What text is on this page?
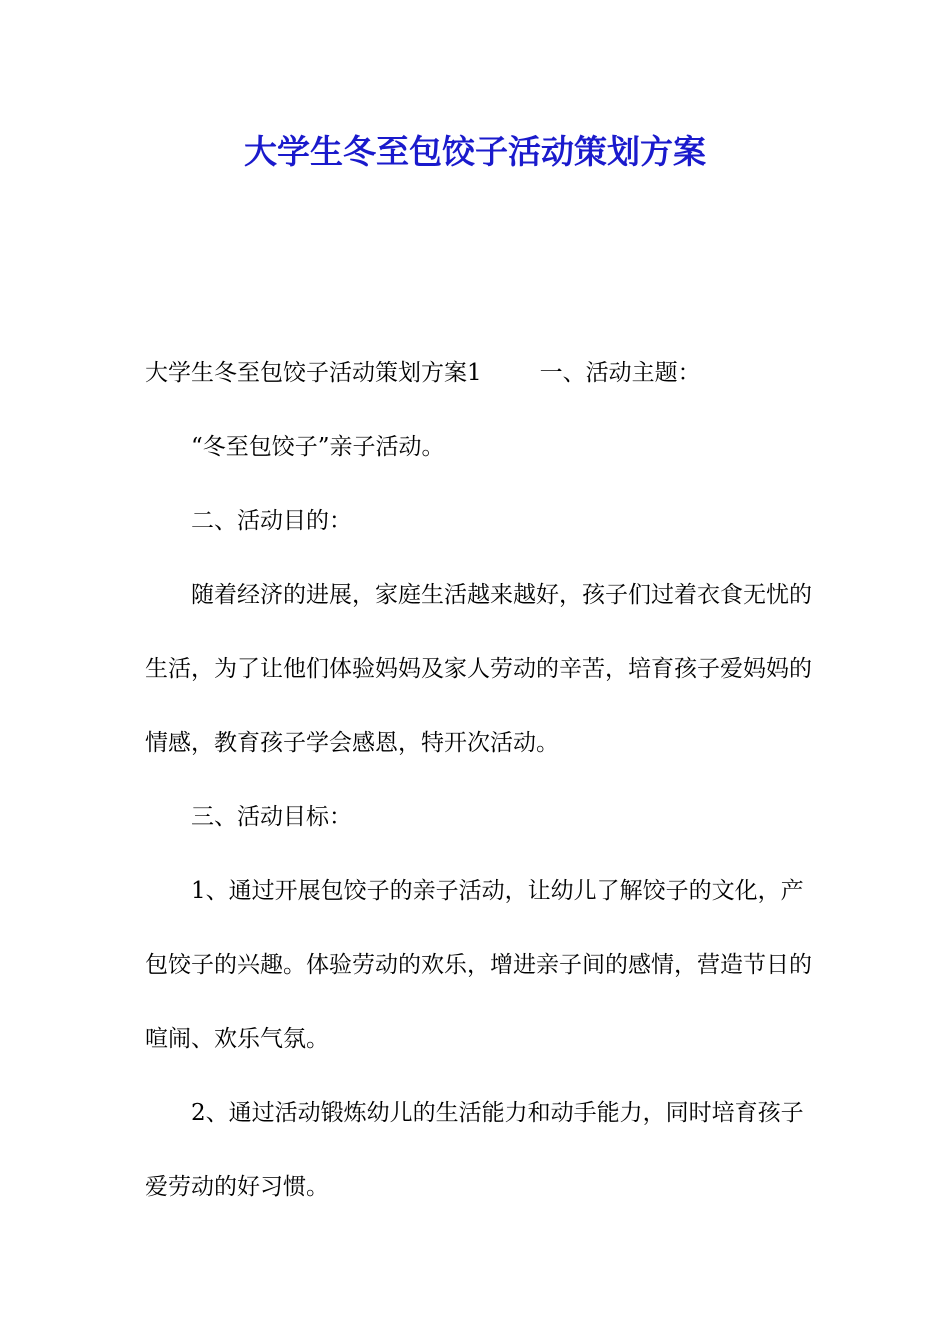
大学生冬至包饺子活动策划方案

大学生冬至包饺子活动策划方案1	一、活动主题：

“冬至包饺子”亲子活动。

二、活动目的：

随着经济的进展，家庭生活越来越好，孩子们过着衣食无忧的生活，为了让他们体验妈妈及家人劳动的辛苦，培育孩子爱妈妈的情感，教育孩子学会感恩，特开次活动。

三、活动目标：

1、通过开展包饺子的亲子活动，让幼儿了解饺子的文化，产包饺子的兴趣。体验劳动的欢乐，增进亲子间的感情，营造节日的喧闹、欢乐气氛。

2、通过活动锻炼幼儿的生活能力和动手能力，同时培育孩子爱劳动的好习惯。
